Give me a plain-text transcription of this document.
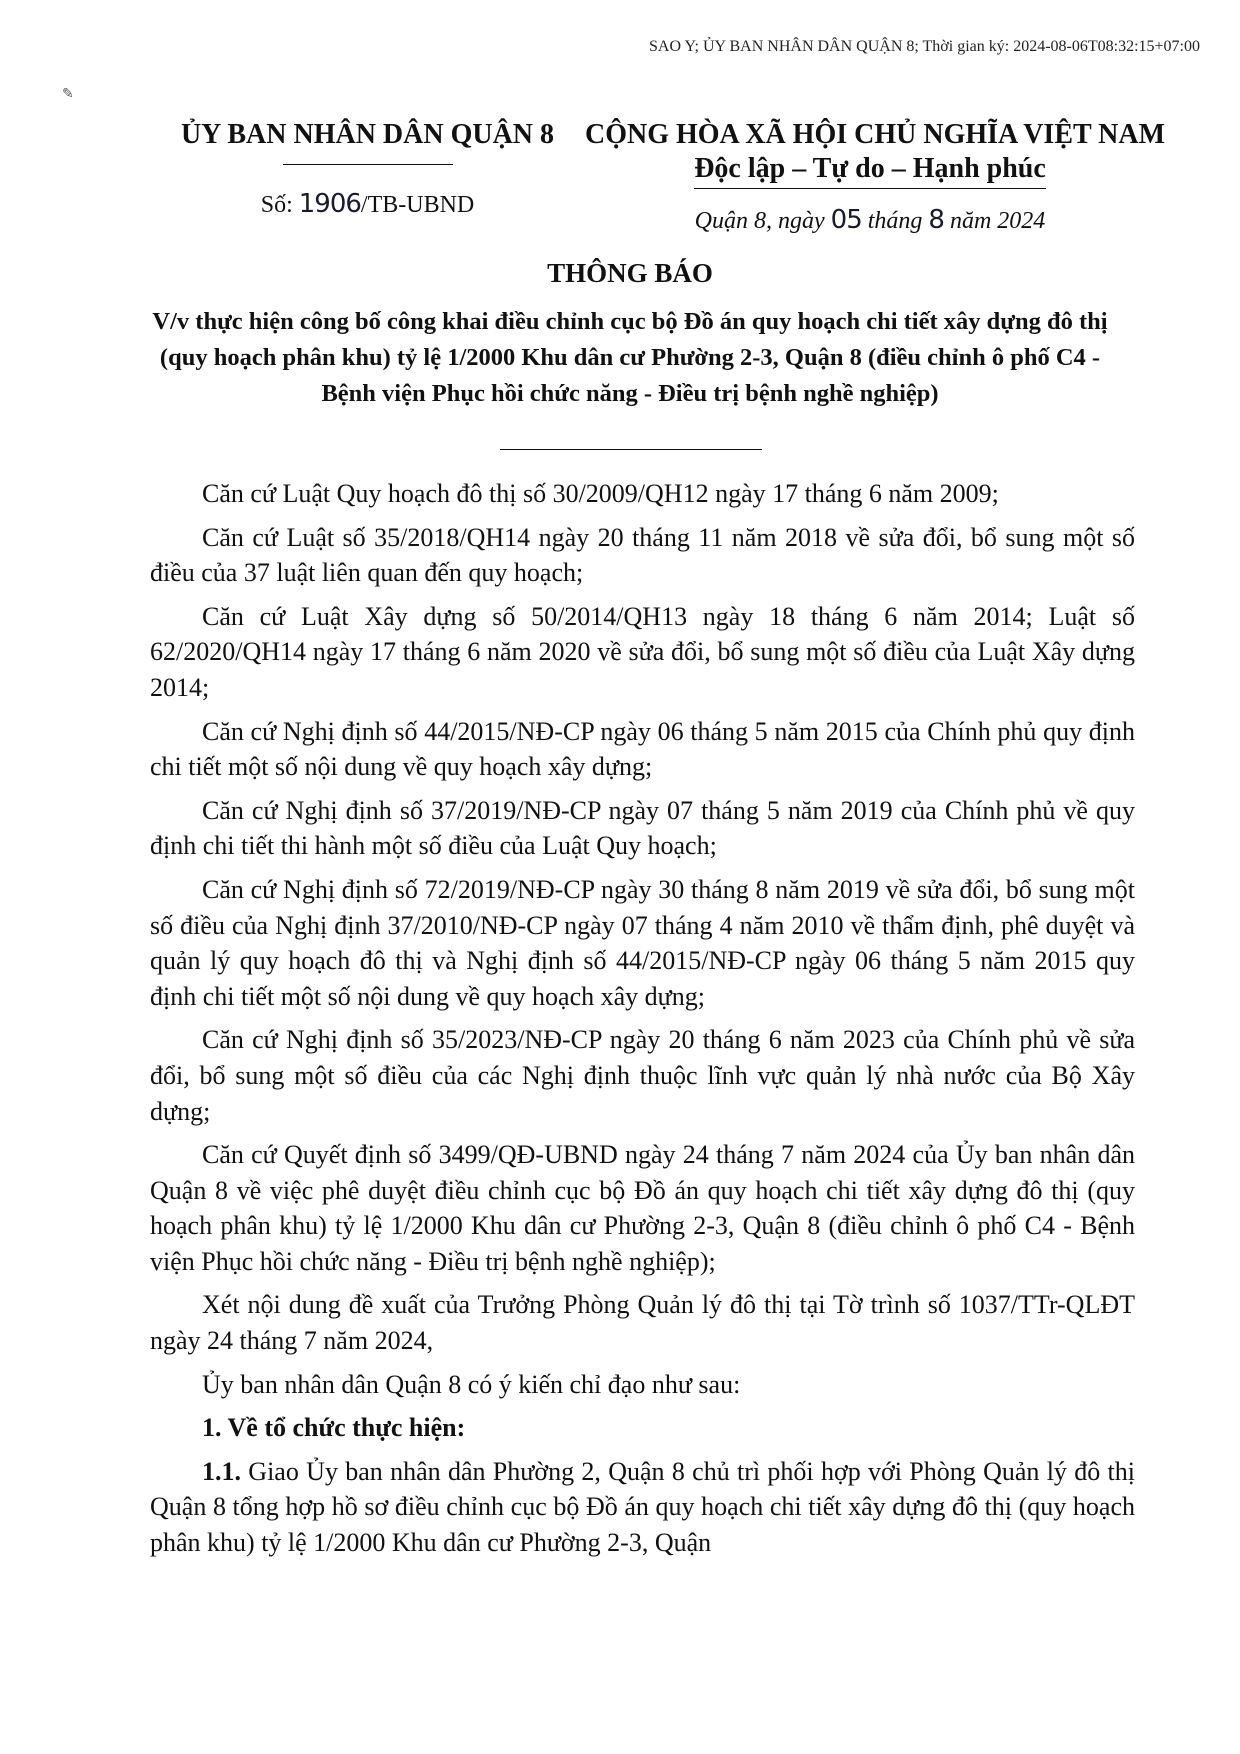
SAO Y; ỦY BAN NHÂN DÂN QUẬN 8; Thời gian ký: 2024-08-06T08:32:15+07:00
✎
ỦY BAN NHÂN DÂN QUẬN 8
Số: 1906/TB-UBND
CỘNG HÒA XÃ HỘI CHỦ NGHĨA VIỆT NAM
Độc lập – Tự do – Hạnh phúc
Quận 8, ngày 05 tháng 8 năm 2024
THÔNG BÁO
V/v thực hiện công bố công khai điều chỉnh cục bộ Đồ án quy hoạch chi tiết xây dựng đô thị (quy hoạch phân khu) tỷ lệ 1/2000 Khu dân cư Phường 2-3, Quận 8 (điều chỉnh ô phố C4 - Bệnh viện Phục hồi chức năng - Điều trị bệnh nghề nghiệp)

Căn cứ Luật Quy hoạch đô thị số 30/2009/QH12 ngày 17 tháng 6 năm 2009;

Căn cứ Luật số 35/2018/QH14 ngày 20 tháng 11 năm 2018 về sửa đổi, bổ sung một số điều của 37 luật liên quan đến quy hoạch;

Căn cứ Luật Xây dựng số 50/2014/QH13 ngày 18 tháng 6 năm 2014; Luật số 62/2020/QH14 ngày 17 tháng 6 năm 2020 về sửa đổi, bổ sung một số điều của Luật Xây dựng 2014;

Căn cứ Nghị định số 44/2015/NĐ-CP ngày 06 tháng 5 năm 2015 của Chính phủ quy định chi tiết một số nội dung về quy hoạch xây dựng;

Căn cứ Nghị định số 37/2019/NĐ-CP ngày 07 tháng 5 năm 2019 của Chính phủ về quy định chi tiết thi hành một số điều của Luật Quy hoạch;

Căn cứ Nghị định số 72/2019/NĐ-CP ngày 30 tháng 8 năm 2019 về sửa đổi, bổ sung một số điều của Nghị định 37/2010/NĐ-CP ngày 07 tháng 4 năm 2010 về thẩm định, phê duyệt và quản lý quy hoạch đô thị và Nghị định số 44/2015/NĐ-CP ngày 06 tháng 5 năm 2015 quy định chi tiết một số nội dung về quy hoạch xây dựng;

Căn cứ Nghị định số 35/2023/NĐ-CP ngày 20 tháng 6 năm 2023 của Chính phủ về sửa đổi, bổ sung một số điều của các Nghị định thuộc lĩnh vực quản lý nhà nước của Bộ Xây dựng;

Căn cứ Quyết định số 3499/QĐ-UBND ngày 24 tháng 7 năm 2024 của Ủy ban nhân dân Quận 8 về việc phê duyệt điều chỉnh cục bộ Đồ án quy hoạch chi tiết xây dựng đô thị (quy hoạch phân khu) tỷ lệ 1/2000 Khu dân cư Phường 2-3, Quận 8 (điều chỉnh ô phố C4 - Bệnh viện Phục hồi chức năng - Điều trị bệnh nghề nghiệp);

Xét nội dung đề xuất của Trưởng Phòng Quản lý đô thị tại Tờ trình số 1037/TTr-QLĐT ngày 24 tháng 7 năm 2024,

Ủy ban nhân dân Quận 8 có ý kiến chỉ đạo như sau:

1. Về tổ chức thực hiện:

1.1. Giao Ủy ban nhân dân Phường 2, Quận 8 chủ trì phối hợp với Phòng Quản lý đô thị Quận 8 tổng hợp hồ sơ điều chỉnh cục bộ Đồ án quy hoạch chi tiết xây dựng đô thị (quy hoạch phân khu) tỷ lệ 1/2000 Khu dân cư Phường 2-3, Quận
